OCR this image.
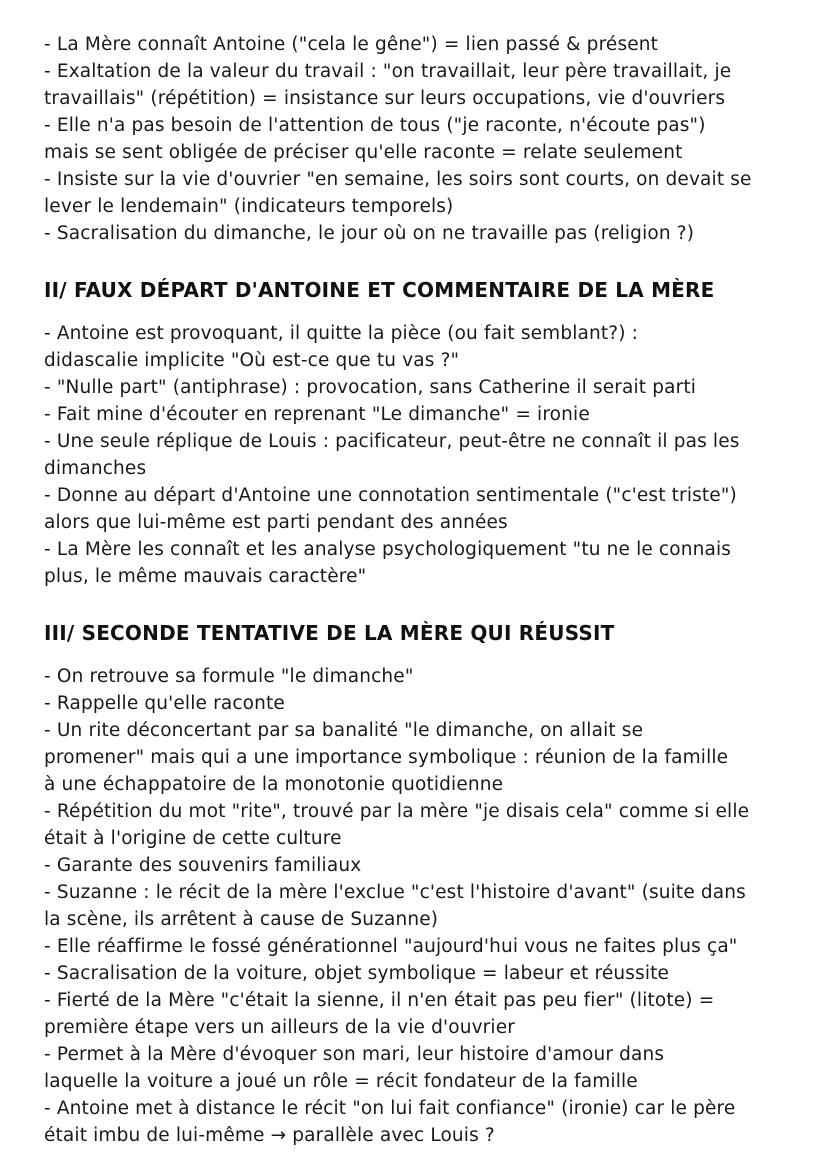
- La Mère connaît Antoine ("cela le gêne") = lien passé & présent
- Exaltation de la valeur du travail : "on travaillait, leur père travaillait, je
travaillais" (répétition) = insistance sur leurs occupations, vie d'ouvriers
- Elle n'a pas besoin de l'attention de tous ("je raconte, n'écoute pas")
mais se sent obligée de préciser qu'elle raconte = relate seulement
- Insiste sur la vie d'ouvrier "en semaine, les soirs sont courts, on devait se
lever le lendemain" (indicateurs temporels)
- Sacralisation du dimanche, le jour où on ne travaille pas (religion ?)
II/ FAUX DÉPART D'ANTOINE ET COMMENTAIRE DE LA MÈRE
- Antoine est provoquant, il quitte la pièce (ou fait semblant?) :
didascalie implicite "Où est-ce que tu vas ?"
- "Nulle part" (antiphrase) : provocation, sans Catherine il serait parti
- Fait mine d'écouter en reprenant "Le dimanche" = ironie
- Une seule réplique de Louis : pacificateur, peut-être ne connaît il pas les
dimanches
- Donne au départ d'Antoine une connotation sentimentale ("c'est triste")
alors que lui-même est parti pendant des années
- La Mère les connaît et les analyse psychologiquement "tu ne le connais
plus, le même mauvais caractère"
III/ SECONDE TENTATIVE DE LA MÈRE QUI RÉUSSIT
- On retrouve sa formule "le dimanche"
- Rappelle qu'elle raconte
- Un rite déconcertant par sa banalité "le dimanche, on allait se
promener" mais qui a une importance symbolique : réunion de la famille
à une échappatoire de la monotonie quotidienne
- Répétition du mot "rite", trouvé par la mère "je disais cela" comme si elle
était à l'origine de cette culture
- Garante des souvenirs familiaux
- Suzanne : le récit de la mère l'exclue "c'est l'histoire d'avant" (suite dans
la scène, ils arrêtent à cause de Suzanne)
- Elle réaffirme le fossé générationnel "aujourd'hui vous ne faites plus ça"
- Sacralisation de la voiture, objet symbolique = labeur et réussite
- Fierté de la Mère "c'était la sienne, il n'en était pas peu fier" (litote) =
première étape vers un ailleurs de la vie d'ouvrier
- Permet à la Mère d'évoquer son mari, leur histoire d'amour dans
laquelle la voiture a joué un rôle = récit fondateur de la famille
- Antoine met à distance le récit "on lui fait confiance" (ironie) car le père
était imbu de lui-même → parallèle avec Louis ?
